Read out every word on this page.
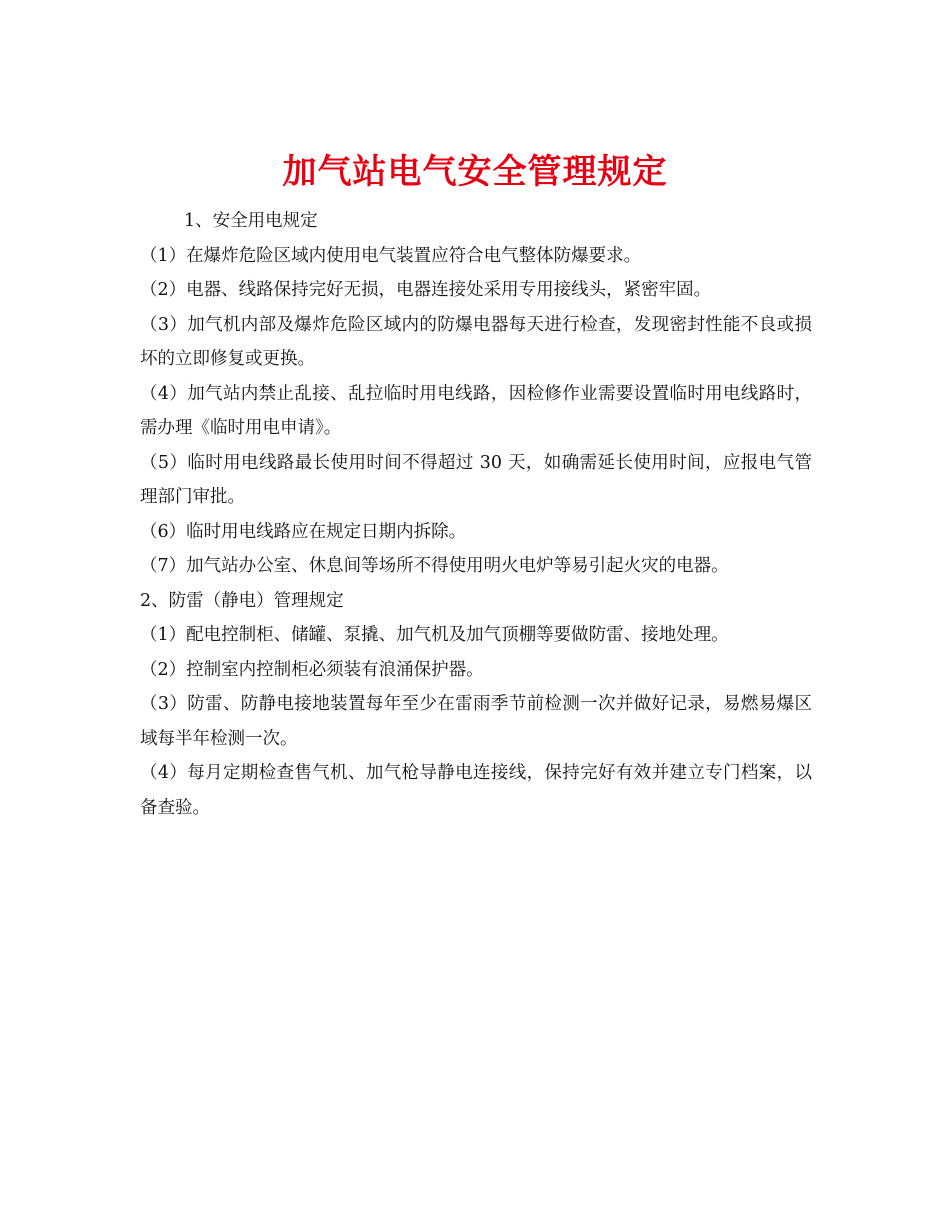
加气站电气安全管理规定

1、安全用电规定

（1）在爆炸危险区域内使用电气装置应符合电气整体防爆要求。

（2）电器、线路保持完好无损，电器连接处采用专用接线头，紧密牢固。

（3）加气机内部及爆炸危险区域内的防爆电器每天进行检查，发现密封性能不良或损坏的立即修复或更换。

（4）加气站内禁止乱接、乱拉临时用电线路，因检修作业需要设置临时用电线路时，需办理《临时用电申请》。

（5）临时用电线路最长使用时间不得超过 30 天，如确需延长使用时间，应报电气管理部门审批。

（6）临时用电线路应在规定日期内拆除。

（7）加气站办公室、休息间等场所不得使用明火电炉等易引起火灾的电器。

2、防雷（静电）管理规定

（1）配电控制柜、储罐、泵撬、加气机及加气顶棚等要做防雷、接地处理。

（2）控制室内控制柜必须装有浪涌保护器。

（3）防雷、防静电接地装置每年至少在雷雨季节前检测一次并做好记录，易燃易爆区域每半年检测一次。

（4）每月定期检查售气机、加气枪导静电连接线，保持完好有效并建立专门档案，以备查验。
